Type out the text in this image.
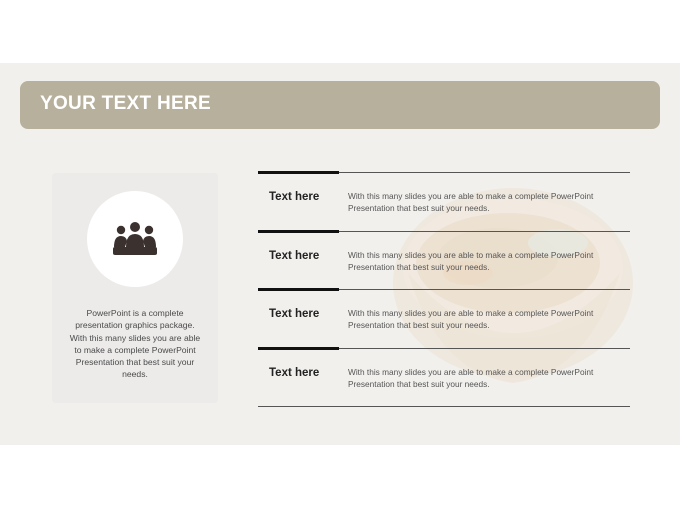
YOUR TEXT HERE
PowerPoint is a complete presentation graphics package. With this many slides you are able to make a complete PowerPoint Presentation that best suit your needs.
Text here	With this many slides you are able to make a complete PowerPoint Presentation that best suit your needs.
Text here	With this many slides you are able to make a complete PowerPoint Presentation that best suit your needs.
Text here	With this many slides you are able to make a complete PowerPoint Presentation that best suit your needs.
Text here	With this many slides you are able to make a complete PowerPoint Presentation that best suit your needs.
